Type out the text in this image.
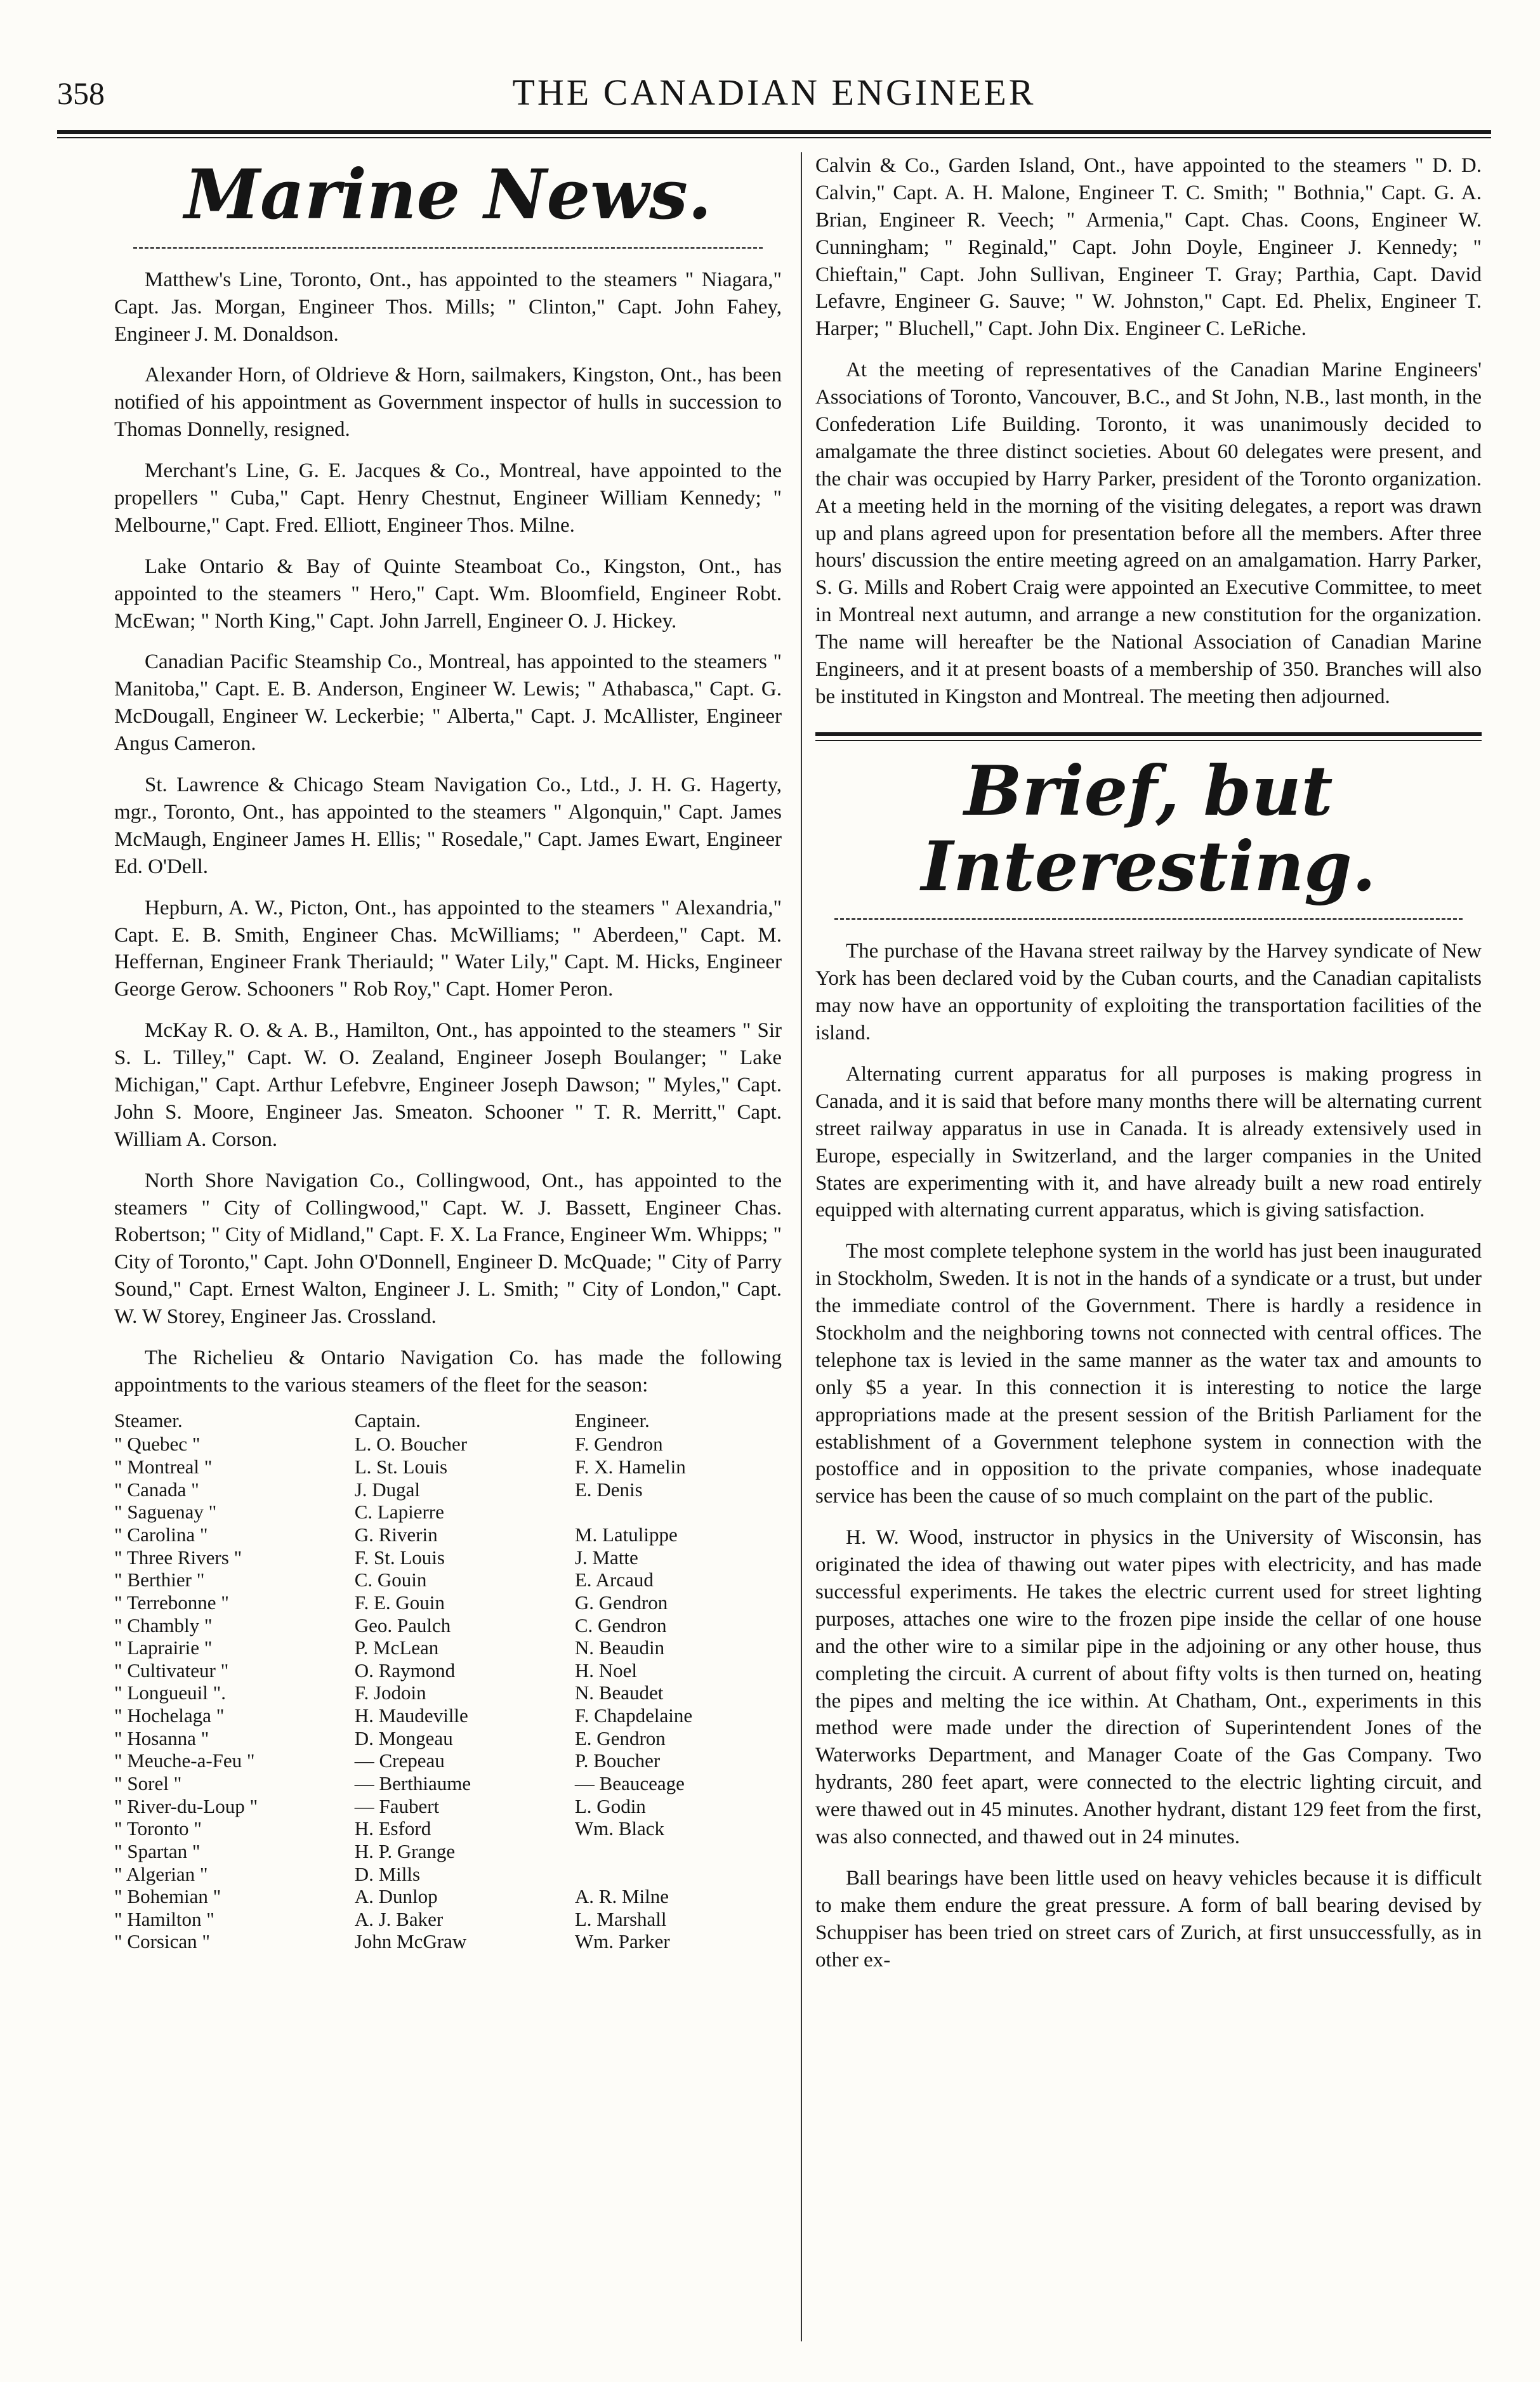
358	THE CANADIAN ENGINEER
Marine News.

Matthew's Line, Toronto, Ont., has appointed to the steamers " Niagara," Capt. Jas. Morgan, Engineer Thos. Mills; " Clinton," Capt. John Fahey, Engineer J. M. Donaldson.

Alexander Horn, of Oldrieve & Horn, sailmakers, Kingston, Ont., has been notified of his appointment as Government inspector of hulls in succession to Thomas Donnelly, resigned.

Merchant's Line, G. E. Jacques & Co., Montreal, have appointed to the propellers " Cuba," Capt. Henry Chestnut, Engineer William Kennedy; " Melbourne," Capt. Fred. Elliott, Engineer Thos. Milne.

Lake Ontario & Bay of Quinte Steamboat Co., Kingston, Ont., has appointed to the steamers " Hero," Capt. Wm. Bloomfield, Engineer Robt. McEwan; " North King," Capt. John Jarrell, Engineer O. J. Hickey.

Canadian Pacific Steamship Co., Montreal, has appointed to the steamers " Manitoba," Capt. E. B. Anderson, Engineer W. Lewis; " Athabasca," Capt. G. McDougall, Engineer W. Leckerbie; " Alberta," Capt. J. McAllister, Engineer Angus Cameron.

St. Lawrence & Chicago Steam Navigation Co., Ltd., J. H. G. Hagerty, mgr., Toronto, Ont., has appointed to the steamers " Algonquin," Capt. James McMaugh, Engineer James H. Ellis; " Rosedale," Capt. James Ewart, Engineer Ed. O'Dell.

Hepburn, A. W., Picton, Ont., has appointed to the steamers " Alexandria," Capt. E. B. Smith, Engineer Chas. McWilliams; " Aberdeen," Capt. M. Heffernan, Engineer Frank Theriauld; " Water Lily," Capt. M. Hicks, Engineer George Gerow. Schooners " Rob Roy," Capt. Homer Peron.

McKay R. O. & A. B., Hamilton, Ont., has appointed to the steamers " Sir S. L. Tilley," Capt. W. O. Zealand, Engineer Joseph Boulanger; " Lake Michigan," Capt. Arthur Lefebvre, Engineer Joseph Dawson; " Myles," Capt. John S. Moore, Engineer Jas. Smeaton. Schooner " T. R. Merritt," Capt. William A. Corson.

North Shore Navigation Co., Collingwood, Ont., has appointed to the steamers " City of Collingwood," Capt. W. J. Bassett, Engineer Chas. Robertson; " City of Midland," Capt. F. X. La France, Engineer Wm. Whipps; " City of Toronto," Capt. John O'Donnell, Engineer D. McQuade; " City of Parry Sound," Capt. Ernest Walton, Engineer J. L. Smith; " City of London," Capt. W. W Storey, Engineer Jas. Crossland.

The Richelieu & Ontario Navigation Co. has made the following appointments to the various steamers of the fleet for the season:

Steamer.	Captain.	Engineer.
" Quebec "	L. O. Boucher	F. Gendron
" Montreal "	L. St. Louis	F. X. Hamelin
" Canada "	J. Dugal	E. Denis
" Saguenay "	C. Lapierre	
" Carolina "	G. Riverin	M. Latulippe
" Three Rivers "	F. St. Louis	J. Matte
" Berthier "	C. Gouin	E. Arcaud
" Terrebonne "	F. E. Gouin	G. Gendron
" Chambly "	Geo. Paulch	C. Gendron
" Laprairie "	P. McLean	N. Beaudin
" Cultivateur "	O. Raymond	H. Noel
" Longueuil ".	F. Jodoin	N. Beaudet
" Hochelaga "	H. Maudeville	F. Chapdelaine
" Hosanna "	D. Mongeau	E. Gendron
" Meuche-a-Feu "	— Crepeau	P. Boucher
" Sorel "	— Berthiaume	— Beauceage
" River-du-Loup "	— Faubert	L. Godin
" Toronto "	H. Esford	Wm. Black
" Spartan "	H. P. Grange	
" Algerian "	D. Mills	
" Bohemian "	A. Dunlop	A. R. Milne
" Hamilton "	A. J. Baker	L. Marshall
" Corsican "	John McGraw	Wm. Parker

Calvin & Co., Garden Island, Ont., have appointed to the steamers " D. D. Calvin," Capt. A. H. Malone, Engineer T. C. Smith; " Bothnia," Capt. G. A. Brian, Engineer R. Veech; " Armenia," Capt. Chas. Coons, Engineer W. Cunningham; " Reginald," Capt. John Doyle, Engineer J. Kennedy; " Chieftain," Capt. John Sullivan, Engineer T. Gray; Parthia, Capt. David Lefavre, Engineer G. Sauve; " W. Johnston," Capt. Ed. Phelix, Engineer T. Harper; " Bluchell," Capt. John Dix. Engineer C. LeRiche.

At the meeting of representatives of the Canadian Marine Engineers' Associations of Toronto, Vancouver, B.C., and St John, N.B., last month, in the Confederation Life Building. Toronto, it was unanimously decided to amalgamate the three distinct societies. About 60 delegates were present, and the chair was occupied by Harry Parker, president of the Toronto organization. At a meeting held in the morning of the visiting delegates, a report was drawn up and plans agreed upon for presentation before all the members. After three hours' discussion the entire meeting agreed on an amalgamation. Harry Parker, S. G. Mills and Robert Craig were appointed an Executive Committee, to meet in Montreal next autumn, and arrange a new constitution for the organization. The name will hereafter be the National Association of Canadian Marine Engineers, and it at present boasts of a membership of 350. Branches will also be instituted in Kingston and Montreal. The meeting then adjourned.

Brief, but Interesting.

The purchase of the Havana street railway by the Harvey syndicate of New York has been declared void by the Cuban courts, and the Canadian capitalists may now have an opportunity of exploiting the transportation facilities of the island.

Alternating current apparatus for all purposes is making progress in Canada, and it is said that before many months there will be alternating current street railway apparatus in use in Canada. It is already extensively used in Europe, especially in Switzerland, and the larger companies in the United States are experimenting with it, and have already built a new road entirely equipped with alternating current apparatus, which is giving satisfaction.

The most complete telephone system in the world has just been inaugurated in Stockholm, Sweden. It is not in the hands of a syndicate or a trust, but under the immediate control of the Government. There is hardly a residence in Stockholm and the neighboring towns not connected with central offices. The telephone tax is levied in the same manner as the water tax and amounts to only $5 a year. In this connection it is interesting to notice the large appropriations made at the present session of the British Parliament for the establishment of a Government telephone system in connection with the postoffice and in opposition to the private companies, whose inadequate service has been the cause of so much complaint on the part of the public.

H. W. Wood, instructor in physics in the University of Wisconsin, has originated the idea of thawing out water pipes with electricity, and has made successful experiments. He takes the electric current used for street lighting purposes, attaches one wire to the frozen pipe inside the cellar of one house and the other wire to a similar pipe in the adjoining or any other house, thus completing the circuit. A current of about fifty volts is then turned on, heating the pipes and melting the ice within. At Chatham, Ont., experiments in this method were made under the direction of Superintendent Jones of the Waterworks Department, and Manager Coate of the Gas Company. Two hydrants, 280 feet apart, were connected to the electric lighting circuit, and were thawed out in 45 minutes. Another hydrant, distant 129 feet from the first, was also connected, and thawed out in 24 minutes.

Ball bearings have been little used on heavy vehicles because it is difficult to make them endure the great pressure. A form of ball bearing devised by Schuppiser has been tried on street cars of Zurich, at first unsuccessfully, as in other ex-
